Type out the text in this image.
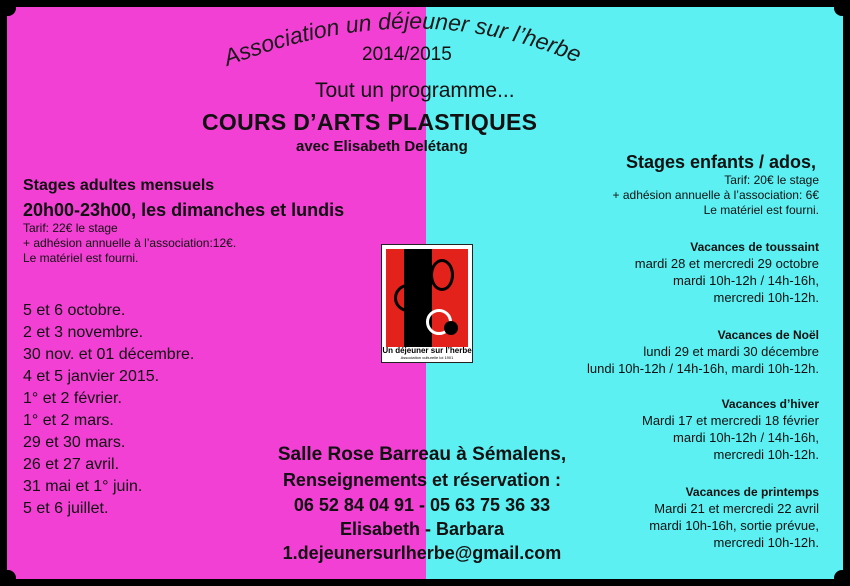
Association un déjeuner sur l’herbe
2014/2015
Tout un programme...
COURS D’ARTS PLASTIQUES
avec Elisabeth Delétang
Stages adultes mensuels
20h00-23h00, les dimanches et lundis
Tarif: 22€ le stage
+ adhésion annuelle à l’association:12€.
Le matériel est fourni.
5 et 6 octobre.
2 et 3 novembre.
30 nov. et 01 décembre.
4 et 5 janvier 2015.
1° et 2 février.
1° et 2 mars.
29 et 30 mars.
26 et 27 avril.
31 mai et 1° juin.
5 et 6 juillet.
Un déjeuner sur l’herbe
Association culturelle loi 1901
Stages enfants / ados,
Tarif: 20€ le stage
+ adhésion annuelle à l’association: 6€
Le matériel est fourni.
Vacances de toussaint
mardi 28 et mercredi 29 octobre
mardi 10h-12h / 14h-16h,
mercredi 10h-12h.
Vacances de Noël
lundi 29 et mardi 30 décembre
lundi 10h-12h / 14h-16h, mardi 10h-12h.
Vacances d’hiver
Mardi 17 et mercredi 18 février
mardi 10h-12h / 14h-16h,
mercredi 10h-12h.
Vacances de printemps
Mardi 21 et mercredi 22 avril
mardi 10h-16h, sortie prévue,
mercredi 10h-12h.
Salle Rose Barreau à Sémalens,
Renseignements et réservation :
06 52 84 04 91 - 05 63 75 36 33
Elisabeth - Barbara
1.dejeunersurlherbe@gmail.com
